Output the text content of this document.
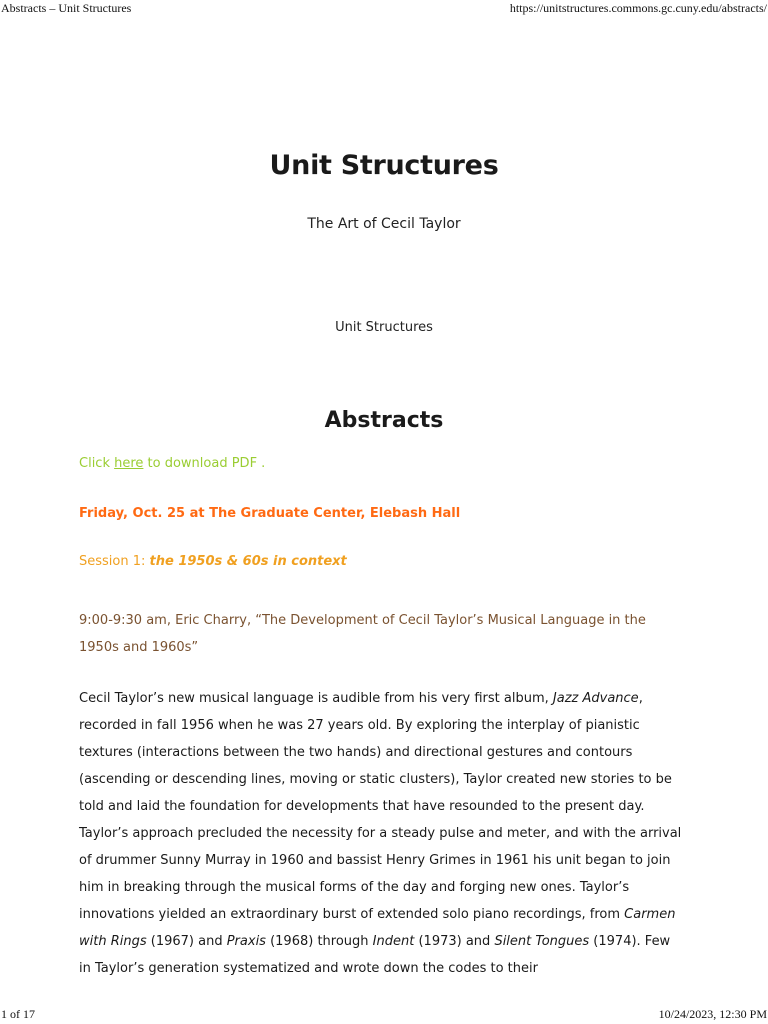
Abstracts – Unit Structures	https://unitstructures.commons.gc.cuny.edu/abstracts/
Unit Structures
The Art of Cecil Taylor
Unit Structures
Abstracts
Click here to download PDF .
Friday, Oct. 25 at The Graduate Center, Elebash Hall
Session 1: the 1950s & 60s in context
9:00-9:30 am, Eric Charry, “The Development of Cecil Taylor’s Musical Language in the 1950s and 1960s”
Cecil Taylor’s new musical language is audible from his very first album, Jazz Advance, recorded in fall 1956 when he was 27 years old. By exploring the interplay of pianistic textures (interactions between the two hands) and directional gestures and contours (ascending or descending lines, moving or static clusters), Taylor created new stories to be told and laid the foundation for developments that have resounded to the present day. Taylor’s approach precluded the necessity for a steady pulse and meter, and with the arrival of drummer Sunny Murray in 1960 and bassist Henry Grimes in 1961 his unit began to join him in breaking through the musical forms of the day and forging new ones. Taylor’s innovations yielded an extraordinary burst of extended solo piano recordings, from Carmen with Rings (1967) and Praxis (1968) through Indent (1973) and Silent Tongues (1974). Few in Taylor’s generation systematized and wrote down the codes to their
1 of 17	10/24/2023, 12:30 PM
